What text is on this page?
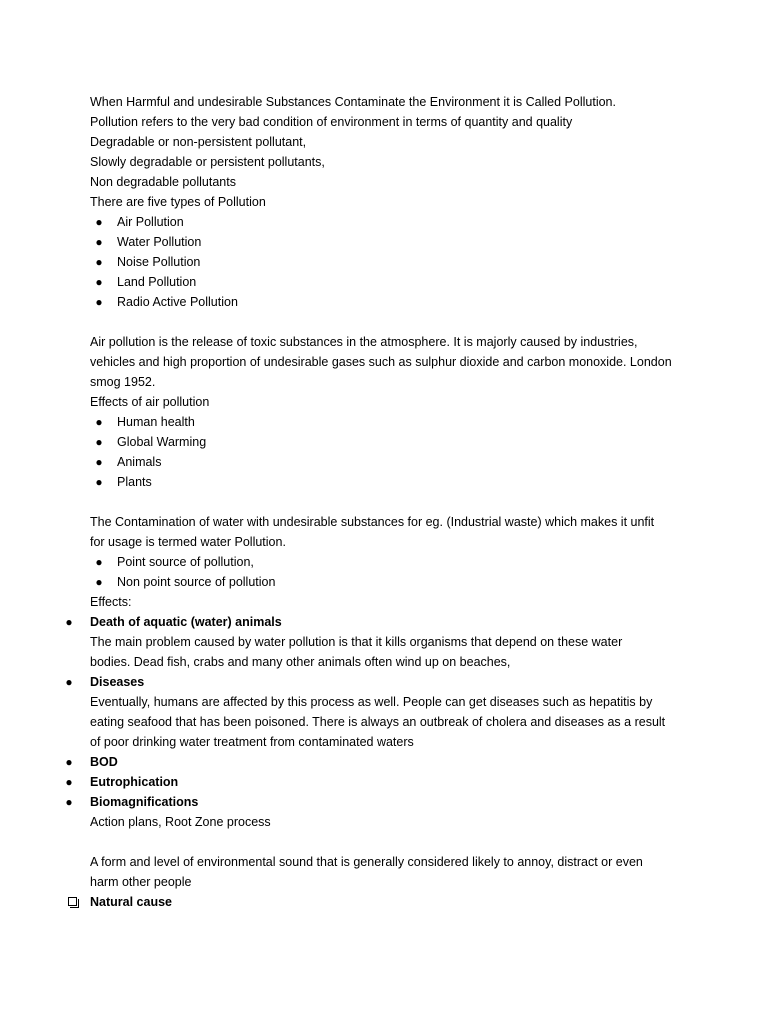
When Harmful and undesirable Substances Contaminate the Environment it is Called Pollution.
Pollution refers to the very bad condition of environment in terms of quantity and quality
Degradable or non-persistent pollutant,
Slowly degradable or persistent pollutants,
Non degradable pollutants
There are five types of Pollution
● Air Pollution
● Water Pollution
● Noise Pollution
● Land Pollution
● Radio Active Pollution
Air pollution is the release of toxic substances in the atmosphere. It is majorly caused by industries,
vehicles and high proportion of undesirable gases such as sulphur dioxide and carbon monoxide. London
smog 1952.
Effects of air pollution
● Human health
● Global Warming
● Animals
● Plants
The Contamination of water with undesirable substances for eg. (Industrial waste) which makes it unfit
for usage is termed water Pollution.
● Point source of pollution,
● Non point source of pollution
Effects:
● Death of aquatic (water) animals
The main problem caused by water pollution is that it kills organisms that depend on these water
bodies. Dead fish, crabs and many other animals often wind up on beaches,
● Diseases
Eventually, humans are affected by this process as well. People can get diseases such as hepatitis by
eating seafood that has been poisoned. There is always an outbreak of cholera and diseases as a result
of poor drinking water treatment from contaminated waters
● BOD
● Eutrophication
● Biomagnifications
Action plans, Root Zone process
A form and level of environmental sound that is generally considered likely to annoy, distract or even
harm other people
Natural cause
